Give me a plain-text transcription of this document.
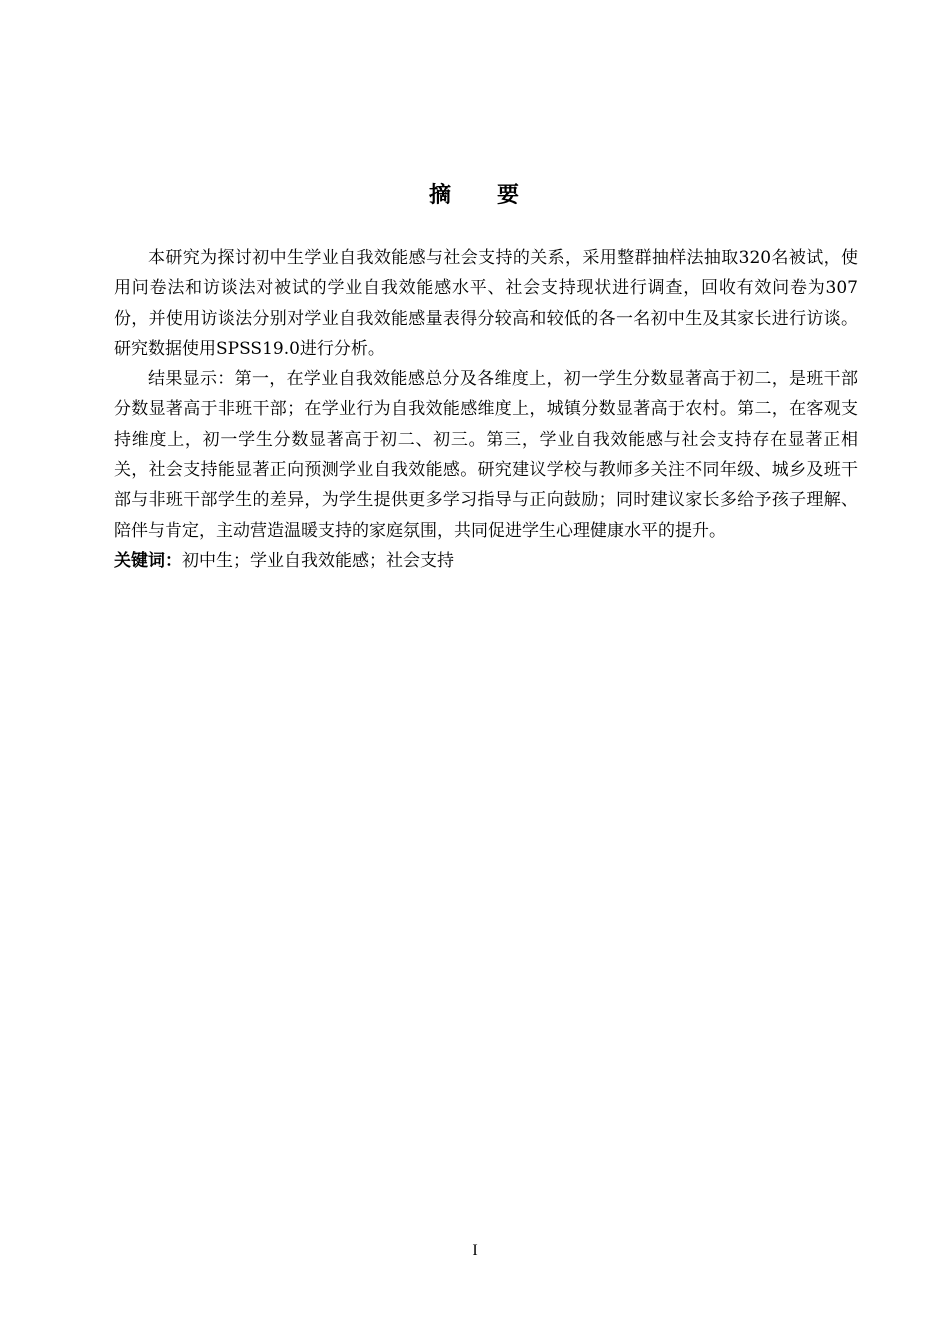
摘 要

本研究为探讨初中生学业自我效能感与社会支持的关系，采用整群抽样法抽取320名被试，使用问卷法和访谈法对被试的学业自我效能感水平、社会支持现状进行调查，回收有效问卷为307份，并使用访谈法分别对学业自我效能感量表得分较高和较低的各一名初中生及其家长进行访谈。研究数据使用SPSS19.0进行分析。

结果显示：第一，在学业自我效能感总分及各维度上，初一学生分数显著高于初二，是班干部分数显著高于非班干部；在学业行为自我效能感维度上，城镇分数显著高于农村。第二，在客观支持维度上，初一学生分数显著高于初二、初三。第三，学业自我效能感与社会支持存在显著正相关，社会支持能显著正向预测学业自我效能感。研究建议学校与教师多关注不同年级、城乡及班干部与非班干部学生的差异，为学生提供更多学习指导与正向鼓励；同时建议家长多给予孩子理解、陪伴与肯定，主动营造温暖支持的家庭氛围，共同促进学生心理健康水平的提升。

关键词：初中生；学业自我效能感；社会支持

I
